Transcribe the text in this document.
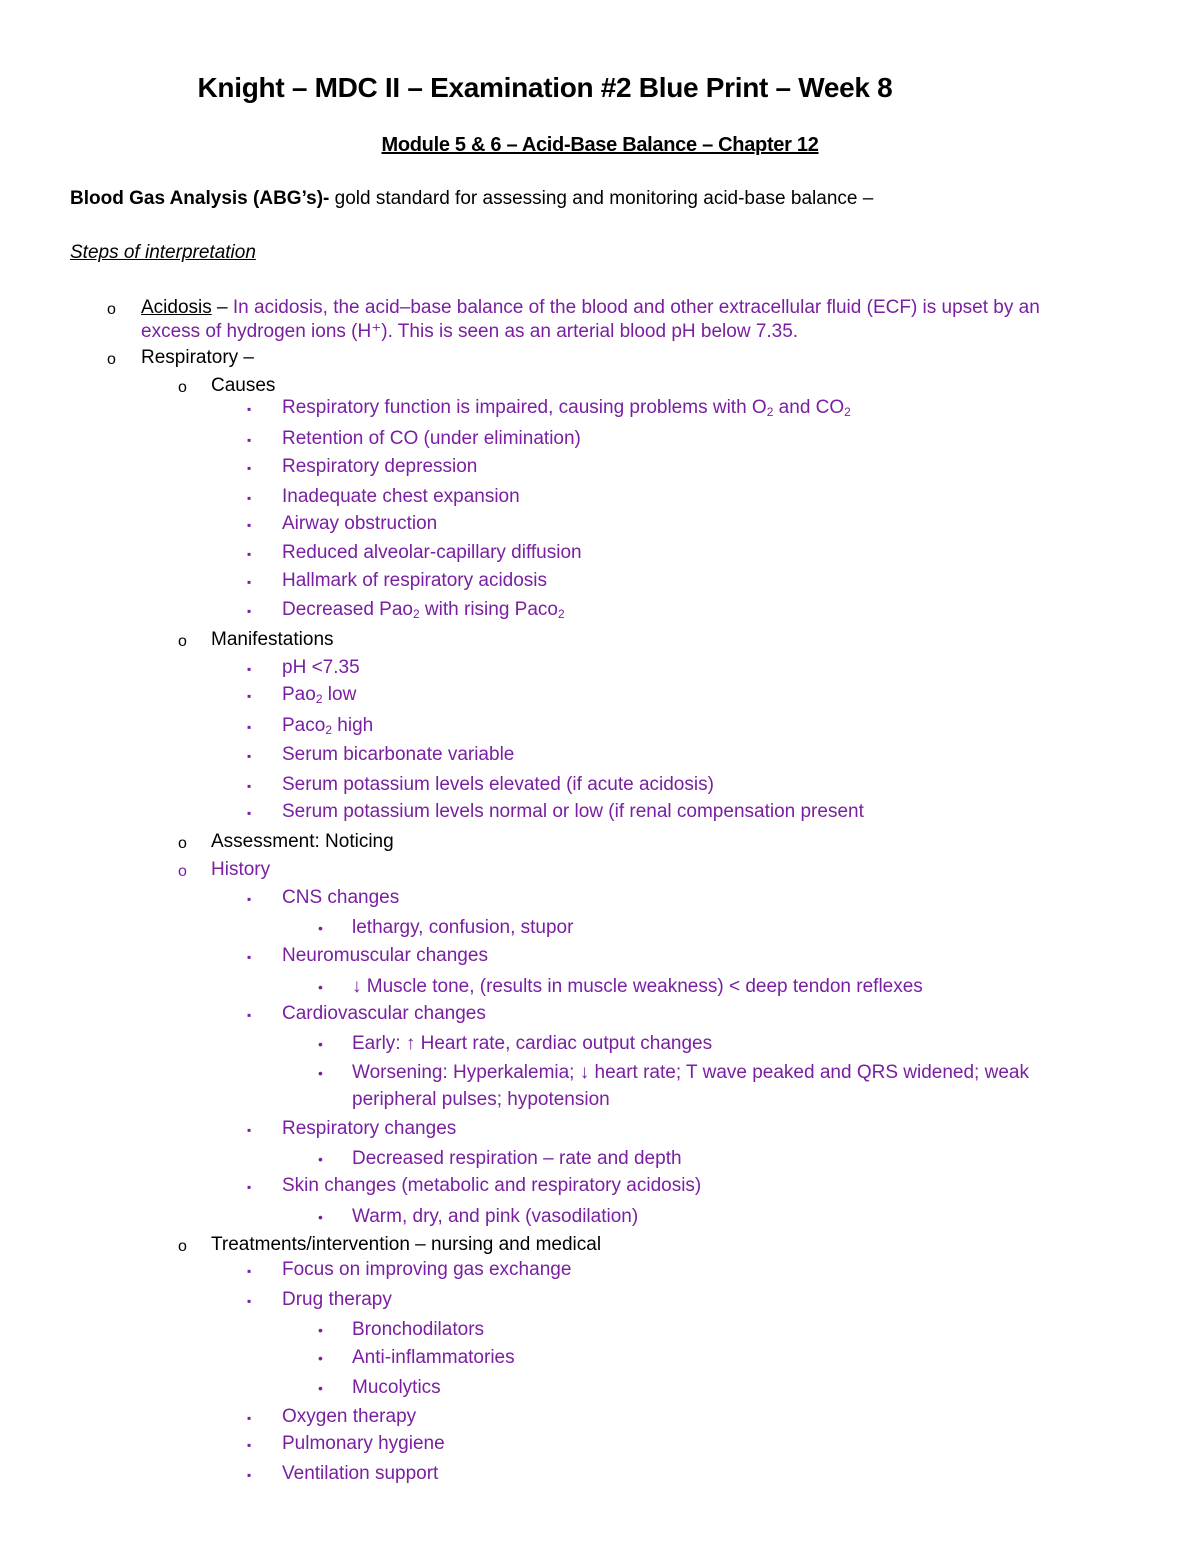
Knight – MDC II – Examination #2 Blue Print – Week 8
Module 5 & 6 – Acid-Base Balance – Chapter 12
Blood Gas Analysis (ABG’s)- gold standard for assessing and monitoring acid-base balance –
Steps of interpretation
o Acidosis – In acidosis, the acid–base balance of the blood and other extracellular fluid (ECF) is upset by an
excess of hydrogen ions (H⁺). This is seen as an arterial blood pH below 7.35.
o Respiratory –
o Causes
▪ Respiratory function is impaired, causing problems with $O_2$ and $CO_2$
▪ Retention of CO (under elimination)
▪ Respiratory depression
▪ Inadequate chest expansion
▪ Airway obstruction
▪ Reduced alveolar-capillary diffusion
▪ Hallmark of respiratory acidosis
▪ Decreased Pao$_2$ with rising Paco$_2$
o Manifestations
▪ pH <7.35
▪ Pao$_2$ low
▪ Paco$_2$ high
▪ Serum bicarbonate variable
▪ Serum potassium levels elevated (if acute acidosis)
▪ Serum potassium levels normal or low (if renal compensation present
o Assessment: Noticing
o History
▪ CNS changes
• lethargy, confusion, stupor
▪ Neuromuscular changes
• ↓ Muscle tone, (results in muscle weakness) < deep tendon reflexes
▪ Cardiovascular changes
• Early: ↑ Heart rate, cardiac output changes
• Worsening: Hyperkalemia; ↓ heart rate; T wave peaked and QRS widened; weak
peripheral pulses; hypotension
▪ Respiratory changes
• Decreased respiration – rate and depth
▪ Skin changes (metabolic and respiratory acidosis)
• Warm, dry, and pink (vasodilation)
o Treatments/intervention – nursing and medical
▪ Focus on improving gas exchange
▪ Drug therapy
• Bronchodilators
• Anti-inflammatories
• Mucolytics
▪ Oxygen therapy
▪ Pulmonary hygiene
▪ Ventilation support
